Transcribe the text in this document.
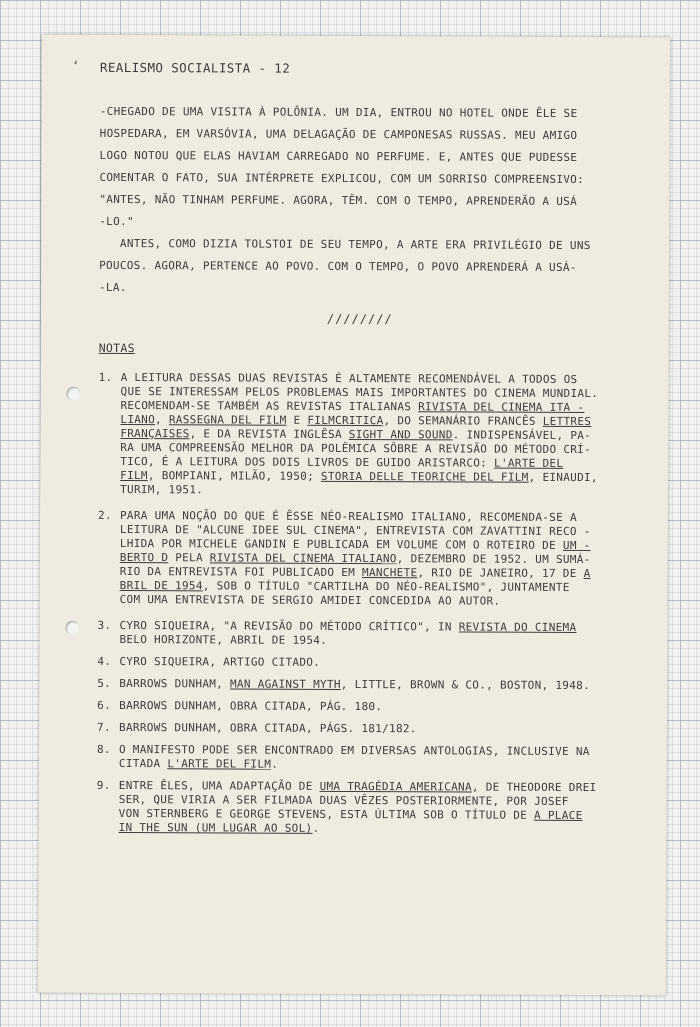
‘ REALISMO SOCIALISTA - 12
-CHEGADO DE UMA VISITA À POLÔNIA. UM DIA, ENTROU NO HOTEL ONDE ÊLE SE
HOSPEDARA, EM VARSÓVIA, UMA DELAGAÇÃO DE CAMPONESAS RUSSAS. MEU AMIGO
LOGO NOTOU QUE ELAS HAVIAM CARREGADO NO PERFUME. E, ANTES QUE PUDESSE
COMENTAR O FATO, SUA INTÉRPRETE EXPLICOU, COM UM SORRISO COMPREENSIVO:
"ANTES, NÃO TINHAM PERFUME. AGORA, TÊM. COM O TEMPO, APRENDERÃO A USÁ
-LO."
ANTES, COMO DIZIA TOLSTOI DE SEU TEMPO, A ARTE ERA PRIVILÉGIO DE UNS
POUCOS. AGORA, PERTENCE AO POVO. COM O TEMPO, O POVO APRENDERÁ A USÁ-
-LA.
////////
NOTAS
1. A LEITURA DESSAS DUAS REVISTAS É ALTAMENTE RECOMENDÁVEL A TODOS OS
QUE SE INTERESSAM PELOS PROBLEMAS MAIS IMPORTANTES DO CINEMA MUNDIAL.
RECOMENDAM-SE TAMBÉM AS REVISTAS ITALIANAS RIVISTA DEL CINEMA ITA -
LIANO, RASSEGNA DEL FILM E FILMCRITICA, DO SEMANÁRIO FRANCÊS LETTRES
FRANÇAISES, E DA REVISTA INGLÊSA SIGHT AND SOUND. INDISPENSÁVEL, PA-
RA UMA COMPREENSÃO MELHOR DA POLÊMICA SÔBRE A REVISÃO DO MÉTODO CRÍ-
TICO, É A LEITURA DOS DOIS LIVROS DE GUIDO ARISTARCO: L'ARTE DEL
FILM, BOMPIANI, MILÃO, 1950; STORIA DELLE TEORICHE DEL FILM, EINAUDI,
TURIM, 1951.
2. PARA UMA NOÇÃO DO QUE É ÊSSE NÉO-REALISMO ITALIANO, RECOMENDA-SE A
LEITURA DE "ALCUNE IDEE SUL CINEMA", ENTREVISTA COM ZAVATTINI RECO -
LHIDA POR MICHELE GANDIN E PUBLICADA EM VOLUME COM O ROTEIRO DE UM -
BERTO D PELA RIVISTA DEL CINEMA ITALIANO, DEZEMBRO DE 1952. UM SUMÁ-
RIO DA ENTREVISTA FOI PUBLICADO EM MANCHETE, RIO DE JANEIRO, 17 DE A
BRIL DE 1954, SOB O TÍTULO "CARTILHA DO NÉO-REALISMO", JUNTAMENTE
COM UMA ENTREVISTA DE SERGIO AMIDEI CONCEDIDA AO AUTOR.
3. CYRO SIQUEIRA, "A REVISÃO DO MÉTODO CRÍTICO", IN REVISTA DO CINEMA
BELO HORIZONTE, ABRIL DE 1954.
4. CYRO SIQUEIRA, ARTIGO CITADO.
5. BARROWS DUNHAM, MAN AGAINST MYTH, LITTLE, BROWN & CO., BOSTON, 1948.
6. BARROWS DUNHAM, OBRA CITADA, PÁG. 180.
7. BARROWS DUNHAM, OBRA CITADA, PÁGS. 181/182.
8. O MANIFESTO PODE SER ENCONTRADO EM DIVERSAS ANTOLOGIAS, INCLUSIVE NA
CITADA L'ARTE DEL FILM.
9. ENTRE ÊLES, UMA ADAPTAÇÃO DE UMA TRAGÉDIA AMERICANA, DE THEODORE DREI
SER, QUE VIRIA A SER FILMADA DUAS VÊZES POSTERIORMENTE, POR JOSEF
VON STERNBERG E GEORGE STEVENS, ESTA ÚLTIMA SOB O TÍTULO DE A PLACE
IN THE SUN (UM LUGAR AO SOL).
